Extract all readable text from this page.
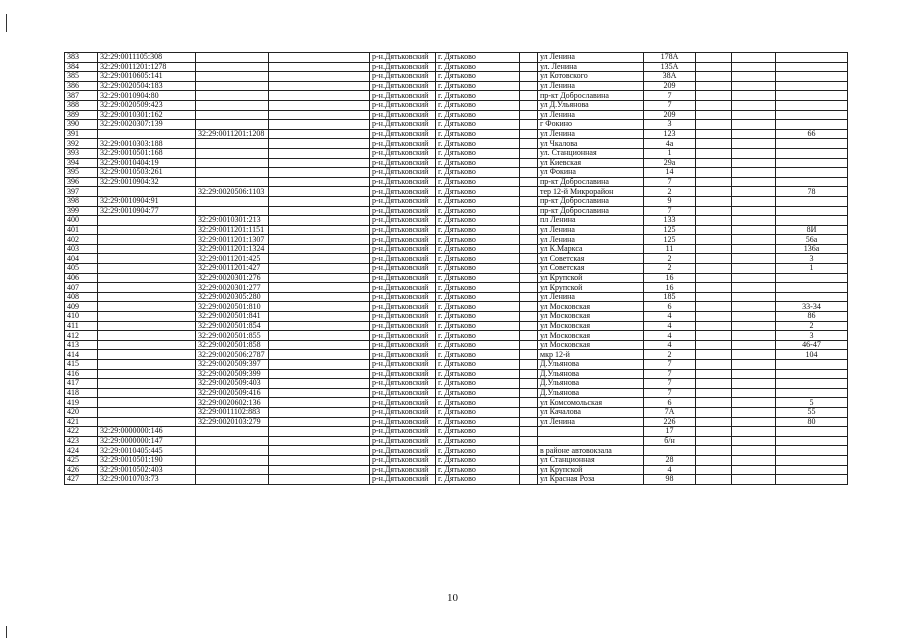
383	32:29:0011105:308			р-н.Дятьковский	г. Дятьково		ул Ленина	178А			
384	32:29:0011201:1278			р-н.Дятьковский	г. Дятьково		ул. Ленина	135А			
385	32:29:0010605:141			р-н.Дятьковский	г. Дятьково		ул Котовского	38А			
386	32:29:0020504:183			р-н.Дятьковский	г. Дятьково		ул Ленина	209			
387	32:29:0010904:80			р-н.Дятьковский	г. Дятьково		пр-кт Доброславина	7			
388	32:29:0020509:423			р-н.Дятьковский	г. Дятьково		ул Д.Ульянова	7			
389	32:29:0010301:162			р-н.Дятьковский	г. Дятьково		ул Ленина	209			
390	32:29:0020307:139			р-н.Дятьковский	г. Дятьково		г Фокино	3			
391		32:29:0011201:1208		р-н.Дятьковский	г. Дятьково		ул Ленина	123			66
392	32:29:0010303:188			р-н.Дятьковский	г. Дятьково		ул Чкалова	4а			
393	32:29:0010501:168			р-н.Дятьковский	г. Дятьково		ул. Станционная	1			
394	32:29:0010404:19			р-н.Дятьковский	г. Дятьково		ул Киевская	29а			
395	32:29:0010503:261			р-н.Дятьковский	г. Дятьково		ул Фокина	14			
396	32:29:0010904:32			р-н.Дятьковский	г. Дятьково		пр-кт Доброславина	7			
397		32:29:0020506:1103		р-н.Дятьковский	г. Дятьково		тер 12-й Микрорайон	2			78
398	32:29:0010904:91			р-н.Дятьковский	г. Дятьково		пр-кт Доброславина	9			
399	32:29:0010904:77			р-н.Дятьковский	г. Дятьково		пр-кт Доброславина	7			
400		32:29:0010301:213		р-н.Дятьковский	г. Дятьково		пл Ленина	133			
401		32:29:0011201:1151		р-н.Дятьковский	г. Дятьково		ул Ленина	125			8И
402		32:29:0011201:1307		р-н.Дятьковский	г. Дятьково		ул Ленина	125			56а
403		32:29:0011201:1324		р-н.Дятьковский	г. Дятьково		ул К.Маркса	11			136а
404		32:29:0011201:425		р-н.Дятьковский	г. Дятьково		ул Советская	2			3
405		32:29:0011201:427		р-н.Дятьковский	г. Дятьково		ул Советская	2			1
406		32:29:0020301:276		р-н.Дятьковский	г. Дятьково		ул Крупской	16			
407		32:29:0020301:277		р-н.Дятьковский	г. Дятьково		ул Крупской	16			
408		32:29:0020305:280		р-н.Дятьковский	г. Дятьково		ул Ленина	185			
409		32:29:0020501:810		р-н.Дятьковский	г. Дятьково		ул Московская	6			33-34
410		32:29:0020501:841		р-н.Дятьковский	г. Дятьково		ул Московская	4			86
411		32:29:0020501:854		р-н.Дятьковский	г. Дятьково		ул Московская	4			2
412		32:29:0020501:855		р-н.Дятьковский	г. Дятьково		ул Московская	4			3
413		32:29:0020501:858		р-н.Дятьковский	г. Дятьково		ул Московская	4			46-47
414		32:29:0020506:2787		р-н.Дятьковский	г. Дятьково		мкр 12-й	2			104
415		32:29:0020509:397		р-н.Дятьковский	г. Дятьково		Д.Ульянова	7			
416		32:29:0020509:399		р-н.Дятьковский	г. Дятьково		Д.Ульянова	7			
417		32:29:0020509:403		р-н.Дятьковский	г. Дятьково		Д.Ульянова	7			
418		32:29:0020509:416		р-н.Дятьковский	г. Дятьково		Д.Ульянова	7			
419		32:29:0020602:136		р-н.Дятьковский	г. Дятьково		ул Комсомольская	6			5
420		32:29:0011102:883		р-н.Дятьковский	г. Дятьково		ул Качалова	7А			55
421		32:29:0020103:279		р-н.Дятьковский	г. Дятьково		ул Ленина	226			80
422	32:29:0000000:146			р-н.Дятьковский	г. Дятьково			17			
423	32:29:0000000:147			р-н.Дятьковский	г. Дятьково			б/н			
424	32:29:0010405:445			р-н.Дятьковский	г. Дятьково		в районе автовокзала				
425	32:29:0010501:190			р-н.Дятьковский	г. Дятьково		ул Станционная	28			
426	32:29:0010502:403			р-н.Дятьковский	г. Дятьково		ул Крупской	4			
427	32:29:0010703:73			р-н.Дятьковский	г. Дятьково		ул Красная Роза	98			
10
